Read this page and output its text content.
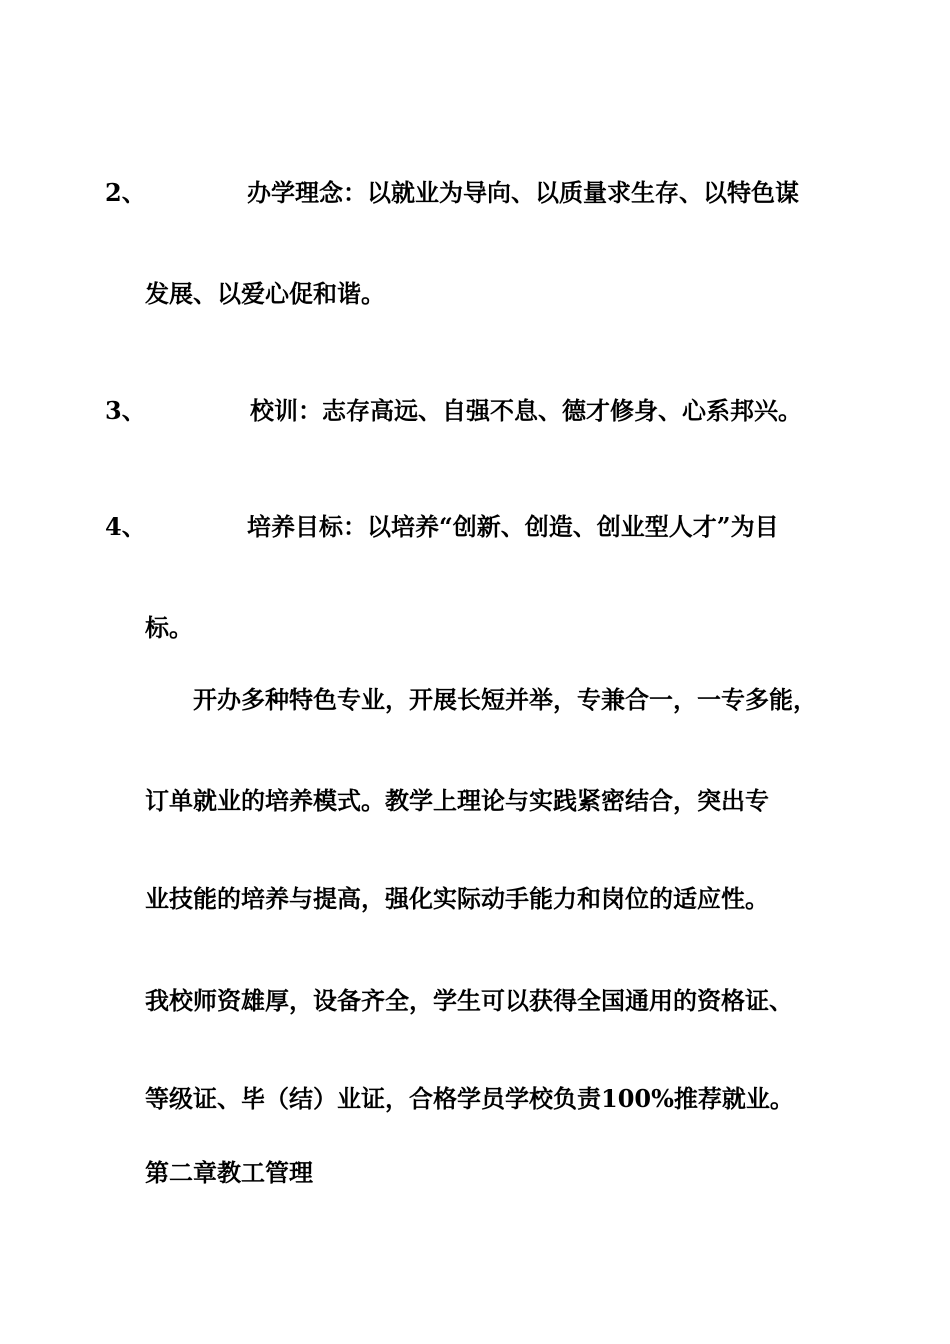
2、	办学理念：以就业为导向、以质量求生存、以特色谋
发展、以爱心促和谐。
3、	校训：志存高远、自强不息、德才修身、心系邦兴。
4、	培养目标：以培养“创新、创造、创业型人才”为目
标。
开办多种特色专业，开展长短并举，专兼合一，一专多能，
订单就业的培养模式。教学上理论与实践紧密结合，突出专
业技能的培养与提高，强化实际动手能力和岗位的适应性。
我校师资雄厚，设备齐全，学生可以获得全国通用的资格证、
等级证、毕（结）业证，合格学员学校负责100%推荐就业。
第二章教工管理
